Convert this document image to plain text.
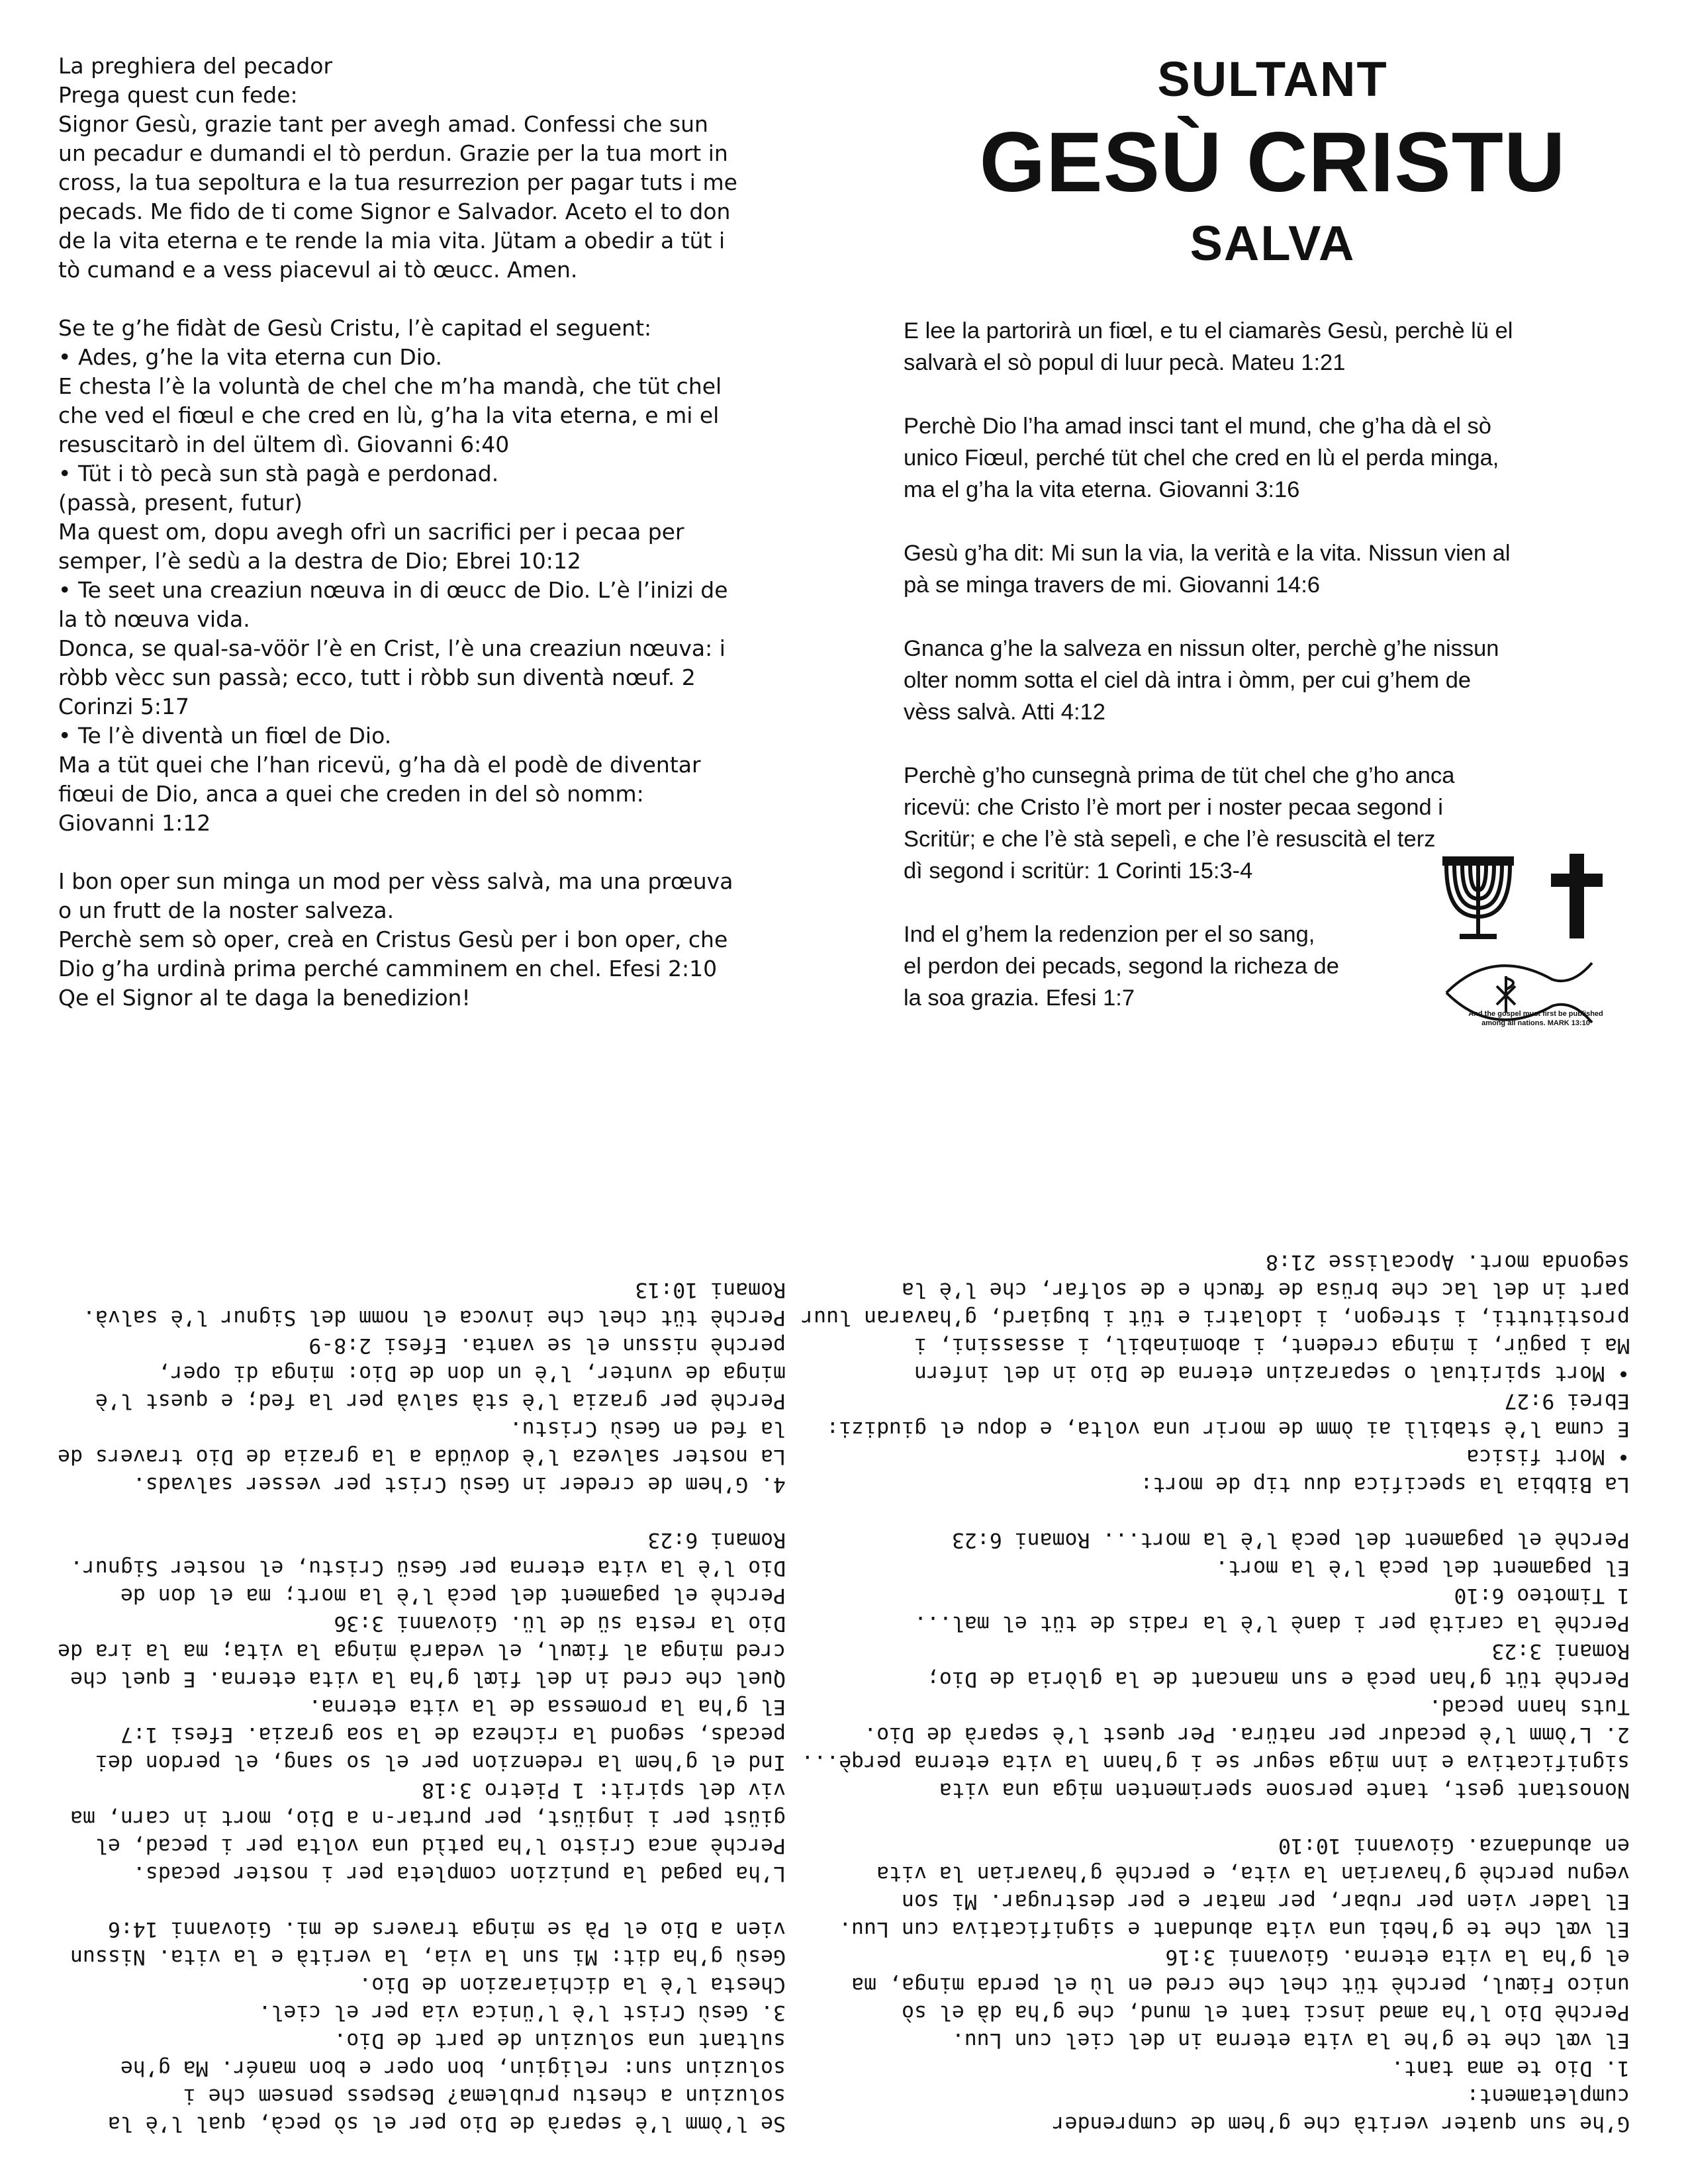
La preghiera del pecador
Prega quest cun fede:
Signor Gesù, grazie tant per avegh amad. Confessi che sun
un pecadur e dumandi el tò perdun. Grazie per la tua mort in
cross, la tua sepoltura e la tua resurrezion per pagar tuts i me
pecads. Me fido de ti come Signor e Salvador. Aceto el to don
de la vita eterna e te rende la mia vita. Jütam a obedir a tüt i
tò cumand e a vess piacevul ai tò œucc. Amen.
Se te g’he fidàt de Gesù Cristu, l’è capitad el seguent:
• Ades, g’he la vita eterna cun Dio.
E chesta l’è la voluntà de chel che m’ha mandà, che tüt chel
che ved el fiœul e che cred en lù, g’ha la vita eterna, e mi el
resuscitarò in del ültem dì. Giovanni 6:40
• Tüt i tò pecà sun stà pagà e perdonad.
(passà, present, futur)
Ma quest om, dopu avegh ofrì un sacrifici per i pecaa per
semper, l’è sedù a la destra de Dio; Ebrei 10:12
• Te seet una creaziun nœuva in di œucc de Dio. L’è l’inizi de
la tò nœuva vida.
Donca, se qual-sa-vöör l’è en Crist, l’è una creaziun nœuva: i
ròbb vècc sun passà; ecco, tutt i ròbb sun diventà nœuf. 2
Corinzi 5:17
• Te l’è diventà un fiœl de Dio.
Ma a tüt quei che l’han ricevü, g’ha dà el podè de diventar
fiœui de Dio, anca a quei che creden in del sò nomm:
Giovanni 1:12
I bon oper sun minga un mod per vèss salvà, ma una prœuva
o un frutt de la noster salveza.
Perchè sem sò oper, creà en Cristus Gesù per i bon oper, che
Dio g’ha urdinà prima perché camminem en chel. Efesi 2:10
Qe el Signor al te daga la benedizion!
SULTANT
GESÙ CRISTU
SALVA
E lee la partorirà un fiœl, e tu el ciamarès Gesù, perchè lü el
salvarà el sò popul di luur pecà. Mateu 1:21
Perchè Dio l’ha amad insci tant el mund, che g’ha dà el sò
unico Fiœul, perché tüt chel che cred en lù el perda minga,
ma el g’ha la vita eterna. Giovanni 3:16
Gesù g’ha dit: Mi sun la via, la verità e la vita. Nissun vien al
pà se minga travers de mi. Giovanni 14:6
Gnanca g’he la salveza en nissun olter, perchè g’he nissun
olter nomm sotta el ciel dà intra i òmm, per cui g’hem de
vèss salvà. Atti 4:12
Perchè g’ho cunsegnà prima de tüt chel che g’ho anca
ricevü: che Cristo l’è mort per i noster pecaa segond i
Scritür; e che l’è stà sepelì, e che l’è resuscità el terz
dì segond i scritür: 1 Corinti 15:3-4
Ind el g’hem la redenzion per el so sang,
el perdon dei pecads, segond la richeza de
la soa grazia. Efesi 1:7
And the gospel must first be published
among all nations. MARK 13:10
Se l’òmm l’è separà de Dio per el sò pecà, qual l’è la
soluziun a chestu prublema? Despess pensem che i
soluziun sun: religiun, bon oper e bon manér. Ma g’he
sultant una soluziun de part de Dio.
3. Gesù Crist l’è l’ünica via per el ciel.
Chesta l’è la dichiarazion de Dio.
Gesù g’ha dit: Mi sun la via, la verità e la vita. Nissun
vien a Dio el Pà se minga travers de mi. Giovanni 14:6
L’ha pagad la punizion completa per i noster pecads.
Perchè anca Cristo l’ha patìd una volta per i pecad, el
giüst per i ingiüst, per purtar-n a Dio, mort in carn, ma
viv del spirit: 1 Pietro 3:18
Ind el g’hem la redenzion per el so sang, el perdon dei
pecads, segond la richeza de la soa grazia. Efesi 1:7
El g’ha la promessa de la vita eterna.
Quel che cred in del fiœl g’ha la vita eterna. E quel che
cred minga al fiœul, el vedarà minga la vita; ma la ira de
Dio la resta sü de lü. Giovanni 3:36
Perchè el pagament del pecà l’è la mort; ma el don de
Dio l’è la vita eterna per Gesü Cristu, el noster Signur.
Romani 6:23
4. G’hem de creder in Gesù Crist per vesser salvads.
La noster salveza l’è dovüda a la grazia de Dio travers de
la fed en Gesù Cristu.
Perchè per grazia l’è stà salvà per la fed; e quest l’è
minga de vunter, l’è un don de Dio: minga di oper,
perchè nissun el se vanta. Efesi 2:8-9
Perchè tüt chel che invoca el nomm del Signur l’è salvà.
Romani 10:13
G’he sun quater verità che g’hem de cumprender
cumpletament:
1. Dio te ama tant.
El vœl che te g’he la vita eterna in del ciel cun Luu.
Perchè Dio l’ha amad insci tant el mund, che g’ha dà el sò
unico Fiœul, perchè tüt chel che cred en lù el perda minga, ma
el g’ha la vita eterna. Giovanni 3:16
El vœl che te g’hebi una vita abundant e significativa cun Luu.
El lader vien per rubar, per matar e per destrugar. Mi son
vegnu perchè g’havarian la vita, e perchè g’havarian la vita
en abundanza. Giovanni 10:10
Nonostant gest, tante persone sperimenten miga una vita
significativa e inn miga segur se i g’hann la vita eterna perqè...
2. L’òmm l’è pecadur per natüra. Per quest l’è separà de Dio.
Tuts hann pecad.
Perchè tüt g’han pecà e sun mancant de la glòria de Dio;
Romani 3:23
Perchè la carità per i danè l’è la radis de tüt el mal...
1 Timoteo 6:10
El pagament del pecà l’è la mort.
Perchè el pagament del pecà l’è la mort... Romani 6:23
La Bibbia la specifica duu tip de mort:
• Mort fisica
E cuma l’è stabilì ai òmm de morir una volta, e dopu el giudizi:
Ebrei 9:27
• Mort spiritual o separaziun eterna de Dio in del infern
Ma i pagür, i minga credent, i abominabil, i assassini, i
prostitutti, i stregon, i idolatri e tüt i bugiard, g’havaran luur
part in del lac che brüsa de fœuch e de solfar, che l’è la
segonda mort. Apocalisse 21:8
